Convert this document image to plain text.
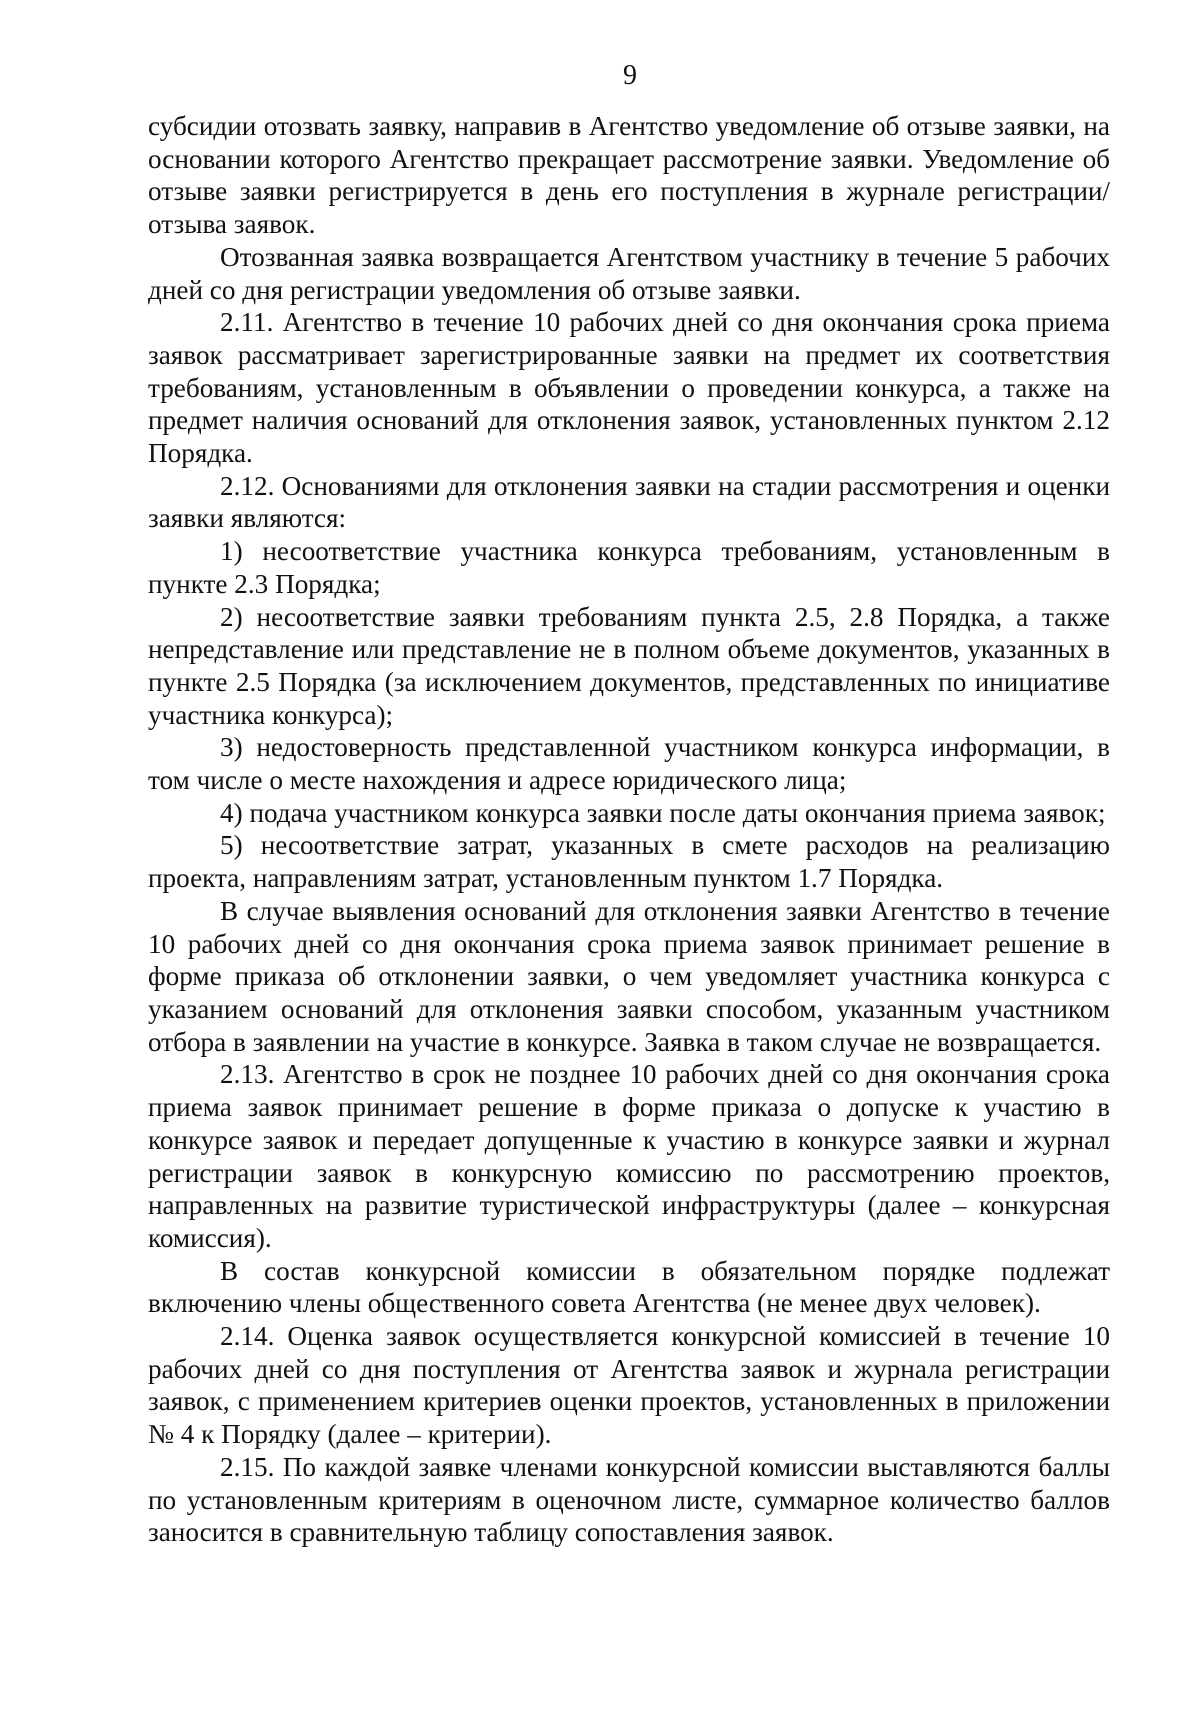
9

субсидии отозвать заявку, направив в Агентство уведомление об отзыве заявки, на основании которого Агентство прекращает рассмотрение заявки. Уведомление об отзыве заявки регистрируется в день его поступления в журнале регистрации/отзыва заявок.

Отозванная заявка возвращается Агентством участнику в течение 5 рабочих дней со дня регистрации уведомления об отзыве заявки.

2.11. Агентство в течение 10 рабочих дней со дня окончания срока приема заявок рассматривает зарегистрированные заявки на предмет их соответствия требованиям, установленным в объявлении о проведении конкурса, а также на предмет наличия оснований для отклонения заявок, установленных пунктом 2.12 Порядка.

2.12. Основаниями для отклонения заявки на стадии рассмотрения и оценки заявки являются:

1) несоответствие участника конкурса требованиям, установленным в пункте 2.3 Порядка;

2) несоответствие заявки требованиям пункта 2.5, 2.8 Порядка, а также непредставление или представление не в полном объеме документов, указанных в пункте 2.5 Порядка (за исключением документов, представленных по инициативе участника конкурса);

3) недостоверность представленной участником конкурса информации, в том числе о месте нахождения и адресе юридического лица;

4) подача участником конкурса заявки после даты окончания приема заявок;

5) несоответствие затрат, указанных в смете расходов на реализацию проекта, направлениям затрат, установленным пунктом 1.7 Порядка.

В случае выявления оснований для отклонения заявки Агентство в течение 10 рабочих дней со дня окончания срока приема заявок принимает решение в форме приказа об отклонении заявки, о чем уведомляет участника конкурса с указанием оснований для отклонения заявки способом, указанным участником отбора в заявлении на участие в конкурсе. Заявка в таком случае не возвращается.

2.13. Агентство в срок не позднее 10 рабочих дней со дня окончания срока приема заявок принимает решение в форме приказа о допуске к участию в конкурсе заявок и передает допущенные к участию в конкурсе заявки и журнал регистрации заявок в конкурсную комиссию по рассмотрению проектов, направленных на развитие туристической инфраструктуры (далее – конкурсная комиссия).

В состав конкурсной комиссии в обязательном порядке подлежат включению члены общественного совета Агентства (не менее двух человек).

2.14. Оценка заявок осуществляется конкурсной комиссией в течение 10 рабочих дней со дня поступления от Агентства заявок и журнала регистрации заявок, с применением критериев оценки проектов, установленных в приложении № 4 к Порядку (далее – критерии).

2.15. По каждой заявке членами конкурсной комиссии выставляются баллы по установленным критериям в оценочном листе, суммарное количество баллов заносится в сравнительную таблицу сопоставления заявок.
